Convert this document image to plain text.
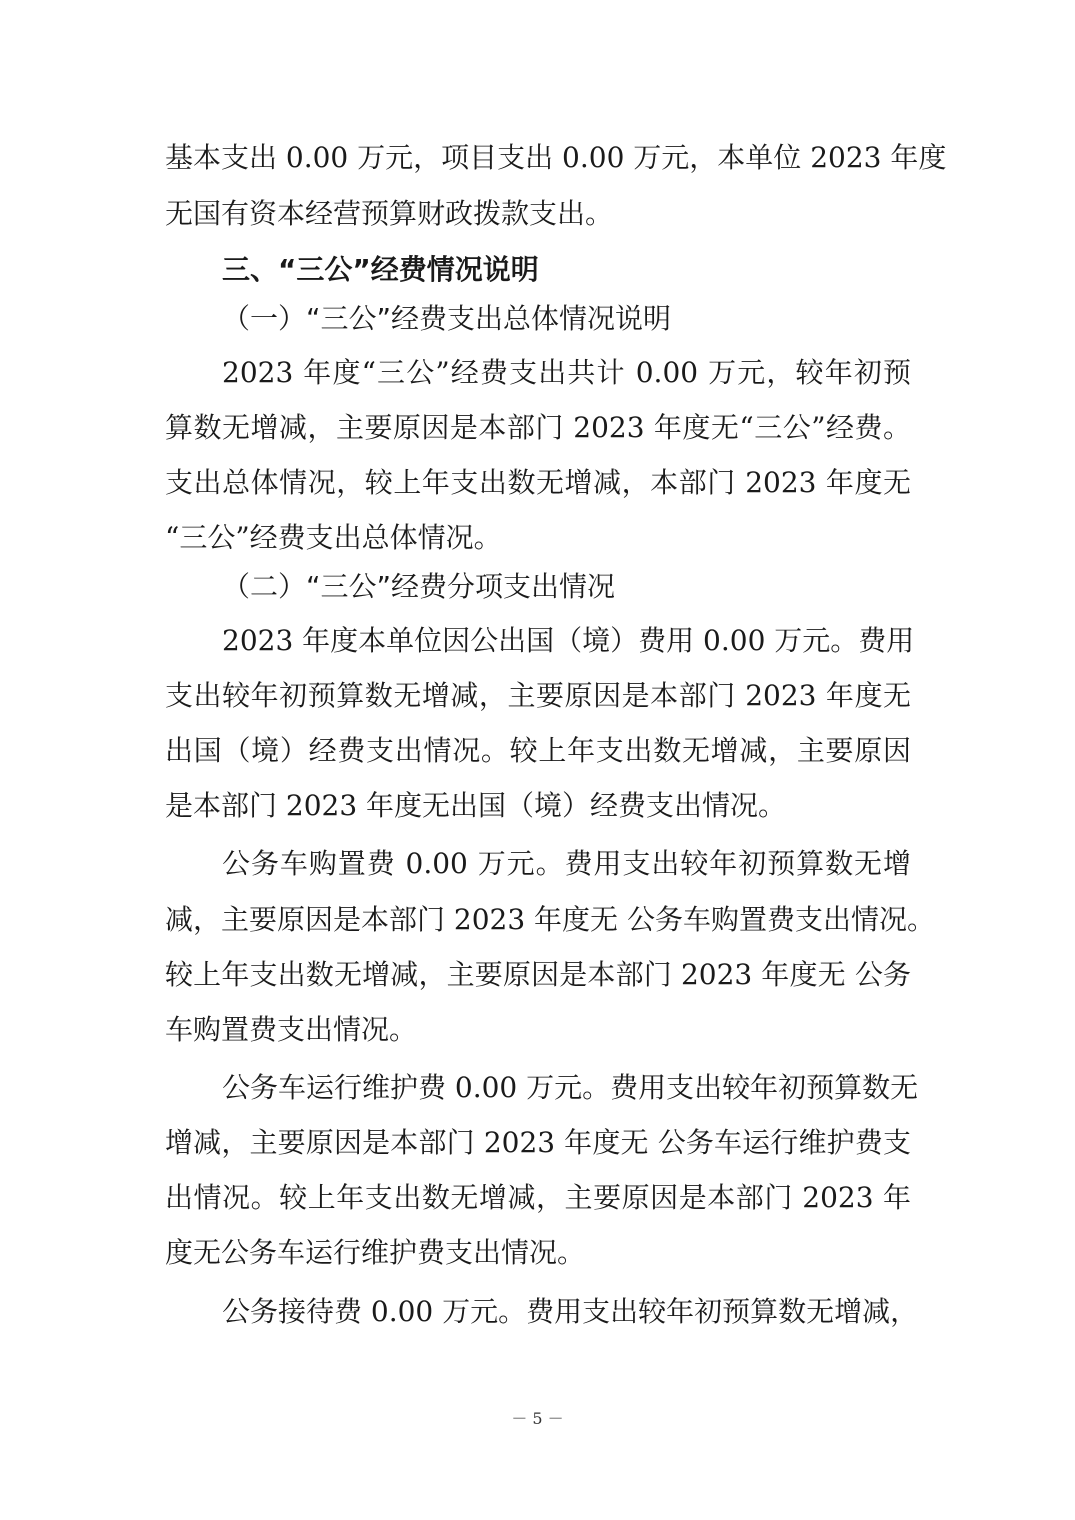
基本支出 0.00 万元，项目支出 0.00 万元，本单位 2023 年度
无国有资本经营预算财政拨款支出。
三、“三公”经费情况说明
（一）“三公”经费支出总体情况说明
2023 年度“三公”经费支出共计 0.00 万元，较年初预
算数无增减，主要原因是本部门 2023 年度无“三公”经费。
支出总体情况，较上年支出数无增减，本部门 2023 年度无
“三公”经费支出总体情况。
（二）“三公”经费分项支出情况
2023 年度本单位因公出国（境）费用 0.00 万元。费用
支出较年初预算数无增减，主要原因是本部门 2023 年度无
出国（境）经费支出情况。较上年支出数无增减，主要原因
是本部门 2023 年度无出国（境）经费支出情况。
公务车购置费 0.00 万元。费用支出较年初预算数无增
减，主要原因是本部门 2023 年度无 公务车购置费支出情况。
较上年支出数无增减，主要原因是本部门 2023 年度无 公务
车购置费支出情况。
公务车运行维护费 0.00 万元。费用支出较年初预算数无
增减，主要原因是本部门 2023 年度无 公务车运行维护费支
出情况。较上年支出数无增减，主要原因是本部门 2023 年
度无公务车运行维护费支出情况。
公务接待费 0.00 万元。费用支出较年初预算数无增减，
－ 5 －
